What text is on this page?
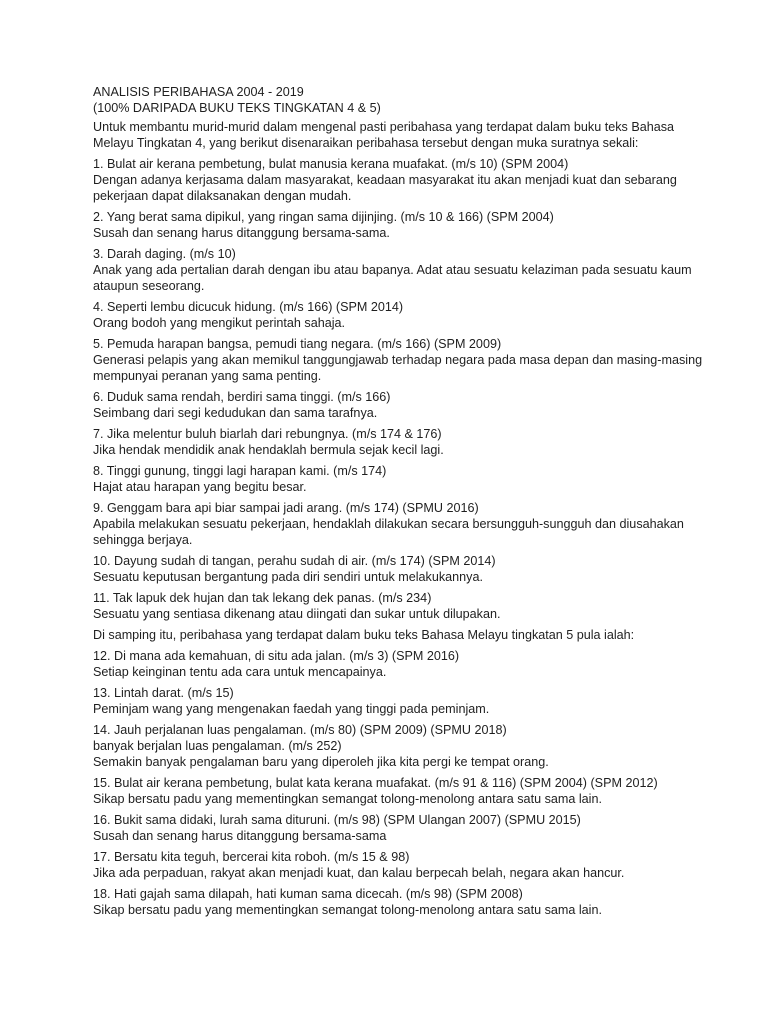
ANALISIS PERIBAHASA 2004 - 2019
(100% DARIPADA BUKU TEKS TINGKATAN 4 & 5)
Untuk membantu murid-murid dalam mengenal pasti peribahasa yang terdapat dalam buku teks Bahasa Melayu Tingkatan 4, yang berikut disenaraikan peribahasa tersebut dengan muka suratnya sekali:
1. Bulat air kerana pembetung, bulat manusia kerana muafakat. (m/s 10) (SPM 2004)
Dengan adanya kerjasama dalam masyarakat, keadaan masyarakat itu akan menjadi kuat dan sebarang pekerjaan dapat dilaksanakan dengan mudah.
2. Yang berat sama dipikul, yang ringan sama dijinjing. (m/s 10 & 166) (SPM 2004)
Susah dan senang harus ditanggung bersama-sama.
3. Darah daging. (m/s 10)
Anak yang ada pertalian darah dengan ibu atau bapanya. Adat atau sesuatu kelaziman pada sesuatu kaum ataupun seseorang.
4. Seperti lembu dicucuk hidung. (m/s 166) (SPM 2014)
Orang bodoh yang mengikut perintah sahaja.
5. Pemuda harapan bangsa, pemudi tiang negara. (m/s 166) (SPM 2009)
Generasi pelapis yang akan memikul tanggungjawab terhadap negara pada masa depan dan masing-masing mempunyai peranan yang sama penting.
6. Duduk sama rendah, berdiri sama tinggi. (m/s 166)
Seimbang dari segi kedudukan dan sama tarafnya.
7. Jika melentur buluh biarlah dari rebungnya. (m/s 174 & 176)
Jika hendak mendidik anak hendaklah bermula sejak kecil lagi.
8. Tinggi gunung, tinggi lagi harapan kami. (m/s 174)
Hajat atau harapan yang begitu besar.
9. Genggam bara api biar sampai jadi arang. (m/s 174) (SPMU 2016)
Apabila melakukan sesuatu pekerjaan, hendaklah dilakukan secara bersungguh-sungguh dan diusahakan sehingga berjaya.
10. Dayung sudah di tangan, perahu sudah di air. (m/s 174) (SPM 2014)
Sesuatu keputusan bergantung pada diri sendiri untuk melakukannya.
11. Tak lapuk dek hujan dan tak lekang dek panas. (m/s 234)
Sesuatu yang sentiasa dikenang atau diingati dan sukar untuk dilupakan.
Di samping itu, peribahasa yang terdapat dalam buku teks Bahasa Melayu tingkatan 5 pula ialah:
12. Di mana ada kemahuan, di situ ada jalan. (m/s 3) (SPM 2016)
Setiap keinginan tentu ada cara untuk mencapainya.
13. Lintah darat. (m/s 15)
Peminjam wang yang mengenakan faedah yang tinggi pada peminjam.
14. Jauh perjalanan luas pengalaman. (m/s 80) (SPM 2009) (SPMU 2018)
banyak berjalan luas pengalaman. (m/s 252)
Semakin banyak pengalaman baru yang diperoleh jika kita pergi ke tempat orang.
15. Bulat air kerana pembetung, bulat kata kerana muafakat. (m/s 91 & 116) (SPM 2004) (SPM 2012)
Sikap bersatu padu yang mementingkan semangat tolong-menolong antara satu sama lain.
16. Bukit sama didaki, lurah sama dituruni. (m/s 98) (SPM Ulangan 2007) (SPMU 2015)
Susah dan senang harus ditanggung bersama-sama
17. Bersatu kita teguh, bercerai kita roboh. (m/s 15 & 98)
Jika ada perpaduan, rakyat akan menjadi kuat, dan kalau berpecah belah, negara akan hancur.
18. Hati gajah sama dilapah, hati kuman sama dicecah. (m/s 98) (SPM 2008)
Sikap bersatu padu yang mementingkan semangat tolong-menolong antara satu sama lain.
